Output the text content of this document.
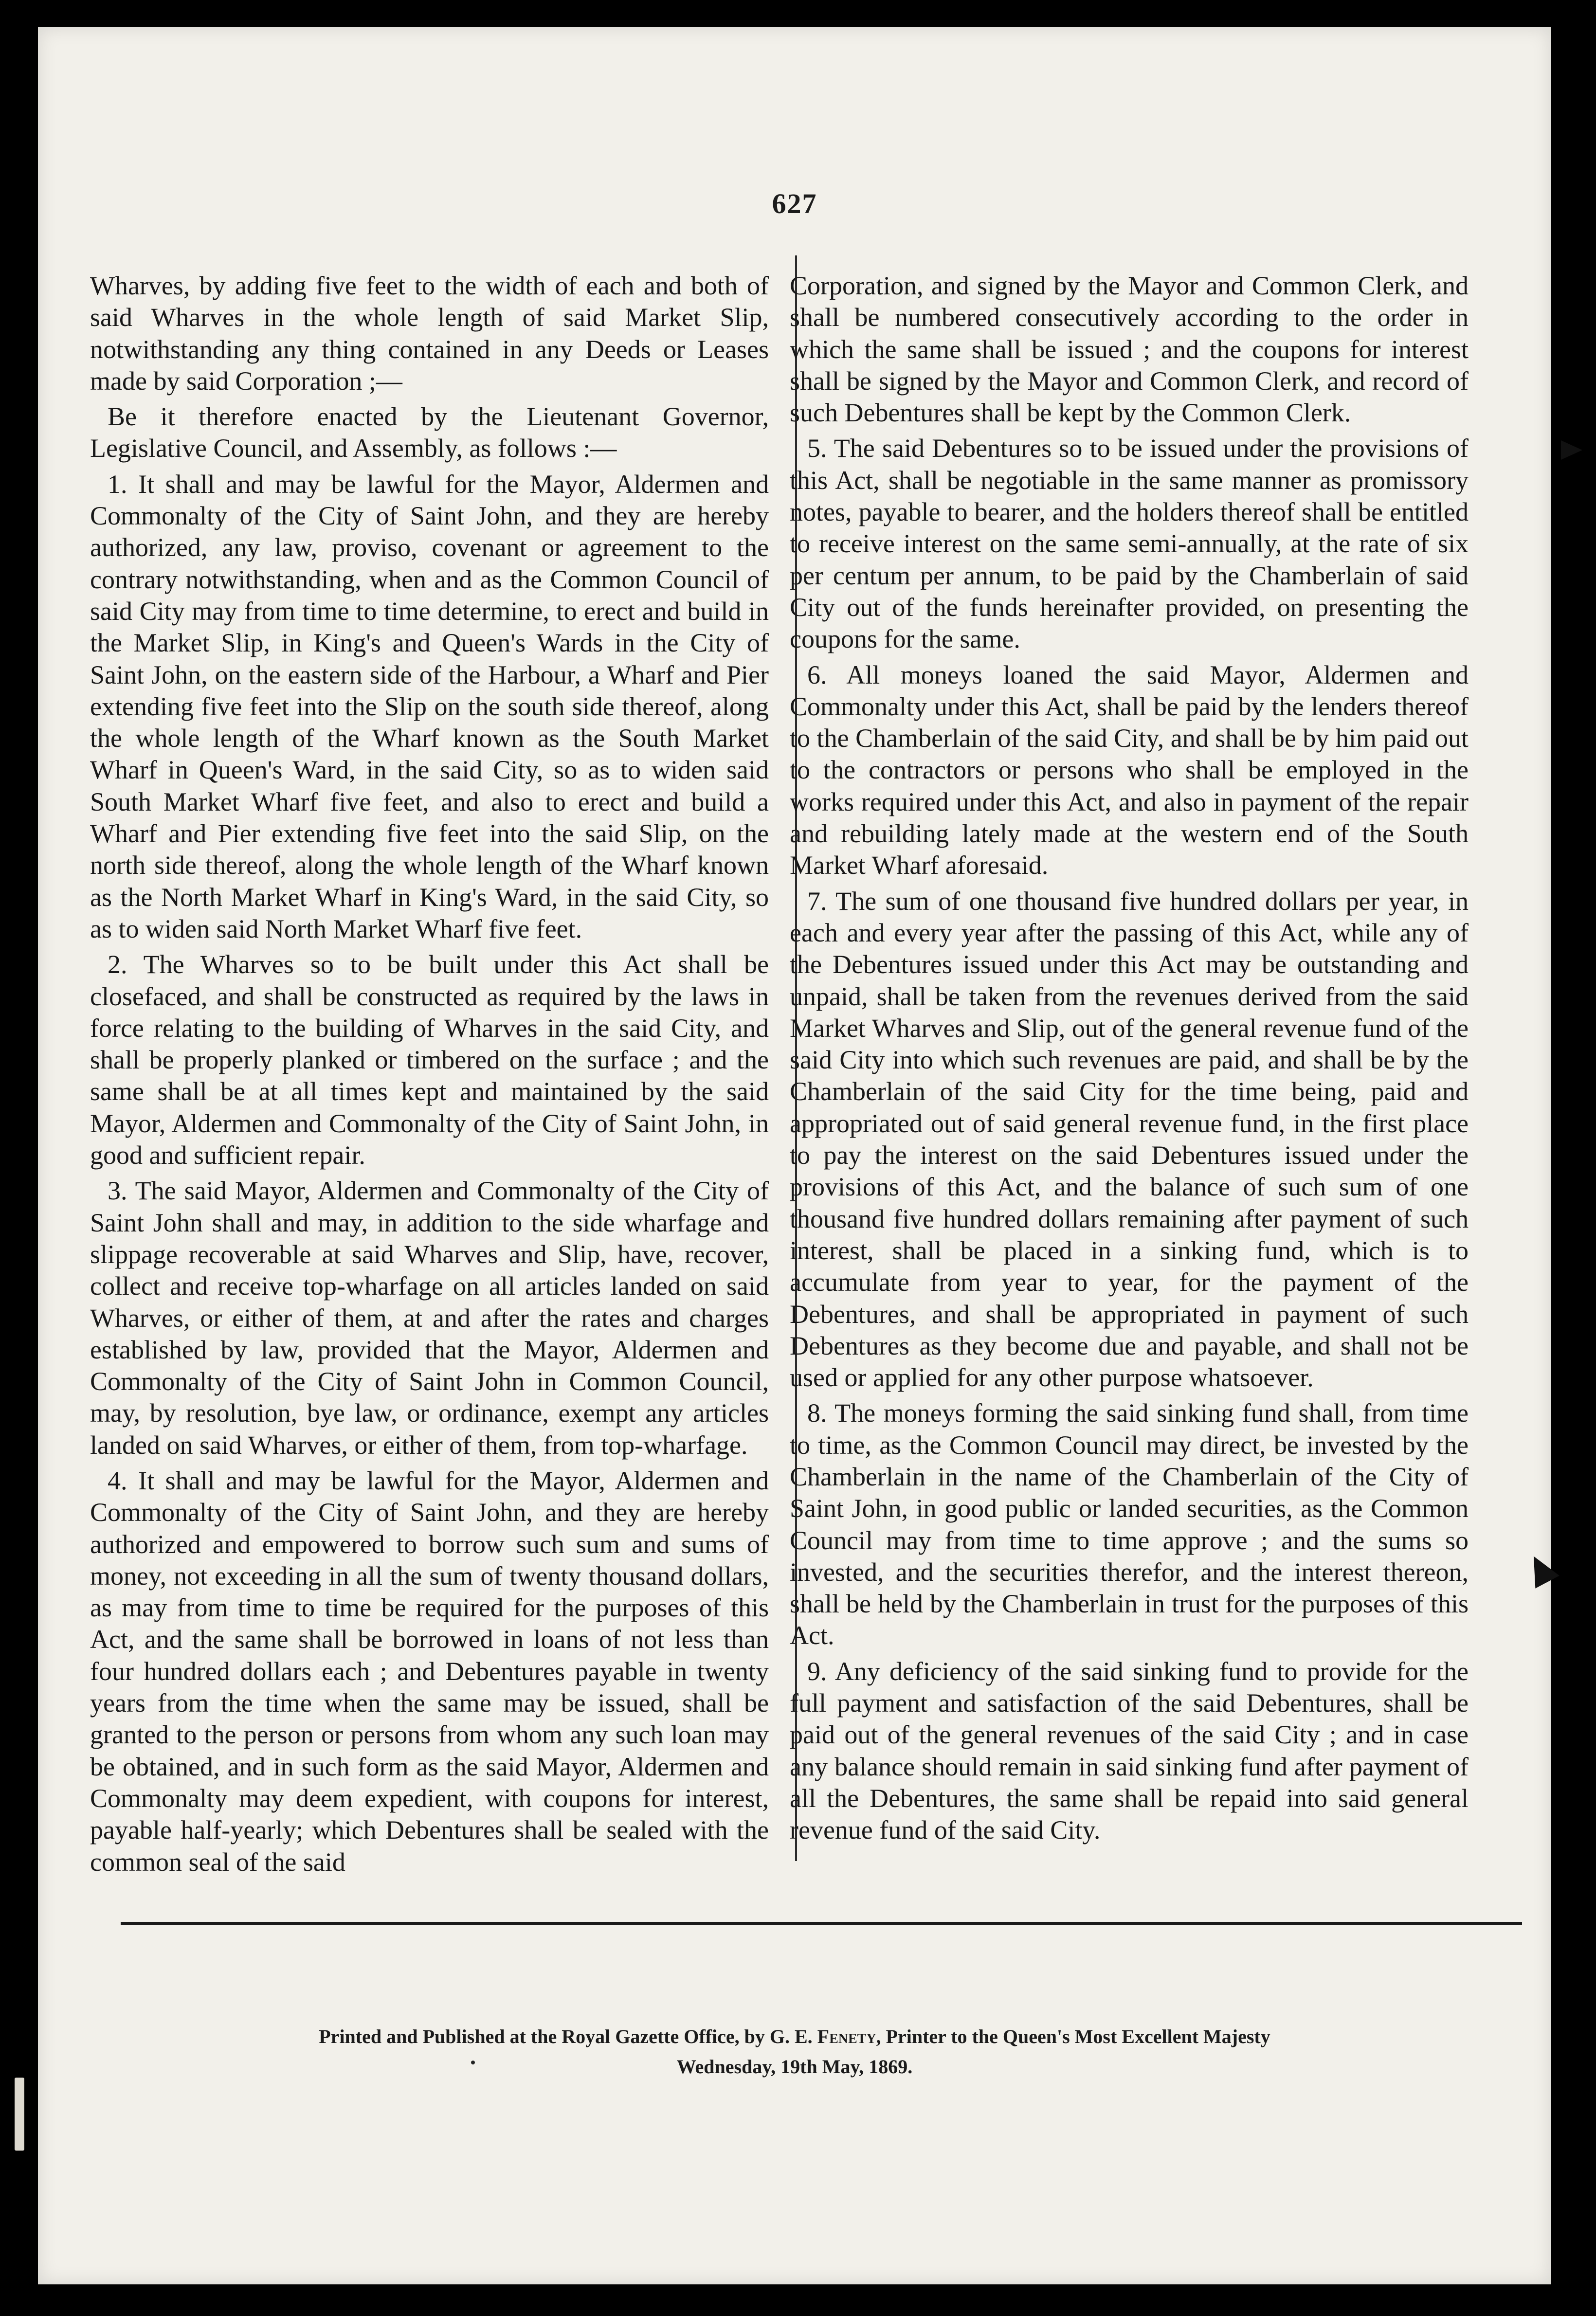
627

Wharves, by adding five feet to the width of each and both of said Wharves in the whole length of said Market Slip, notwithstanding any thing contained in any Deeds or Leases made by said Corporation ;—

Be it therefore enacted by the Lieutenant Governor, Legislative Council, and Assembly, as follows :—

1. It shall and may be lawful for the Mayor, Aldermen and Commonalty of the City of Saint John, and they are hereby authorized, any law, proviso, covenant or agreement to the contrary notwithstanding, when and as the Common Council of said City may from time to time determine, to erect and build in the Market Slip, in King's and Queen's Wards in the City of Saint John, on the eastern side of the Harbour, a Wharf and Pier extending five feet into the Slip on the south side thereof, along the whole length of the Wharf known as the South Market Wharf in Queen's Ward, in the said City, so as to widen said South Market Wharf five feet, and also to erect and build a Wharf and Pier extending five feet into the said Slip, on the north side thereof, along the whole length of the Wharf known as the North Market Wharf in King's Ward, in the said City, so as to widen said North Market Wharf five feet.

2. The Wharves so to be built under this Act shall be closefaced, and shall be constructed as required by the laws in force relating to the building of Wharves in the said City, and shall be properly planked or timbered on the surface ; and the same shall be at all times kept and maintained by the said Mayor, Aldermen and Commonalty of the City of Saint John, in good and sufficient repair.

3. The said Mayor, Aldermen and Commonalty of the City of Saint John shall and may, in addition to the side wharfage and slippage recoverable at said Wharves and Slip, have, recover, collect and receive top-wharfage on all articles landed on said Wharves, or either of them, at and after the rates and charges established by law, provided that the Mayor, Aldermen and Commonalty of the City of Saint John in Common Council, may, by resolution, bye law, or ordinance, exempt any articles landed on said Wharves, or either of them, from top-wharfage.

4. It shall and may be lawful for the Mayor, Aldermen and Commonalty of the City of Saint John, and they are hereby authorized and empowered to borrow such sum and sums of money, not exceeding in all the sum of twenty thousand dollars, as may from time to time be required for the purposes of this Act, and the same shall be borrowed in loans of not less than four hundred dollars each ; and Debentures payable in twenty years from the time when the same may be issued, shall be granted to the person or persons from whom any such loan may be obtained, and in such form as the said Mayor, Aldermen and Commonalty may deem expedient, with coupons for interest, payable half-yearly; which Debentures shall be sealed with the common seal of the said

Corporation, and signed by the Mayor and Common Clerk, and shall be numbered consecutively according to the order in which the same shall be issued ; and the coupons for interest shall be signed by the Mayor and Common Clerk, and record of such Debentures shall be kept by the Common Clerk.

5. The said Debentures so to be issued under the provisions of this Act, shall be negotiable in the same manner as promissory notes, payable to bearer, and the holders thereof shall be entitled to receive interest on the same semi-annually, at the rate of six per centum per annum, to be paid by the Chamberlain of said City out of the funds hereinafter provided, on presenting the coupons for the same.

6. All moneys loaned the said Mayor, Aldermen and Commonalty under this Act, shall be paid by the lenders thereof to the Chamberlain of the said City, and shall be by him paid out to the contractors or persons who shall be employed in the works required under this Act, and also in payment of the repair and rebuilding lately made at the western end of the South Market Wharf aforesaid.

7. The sum of one thousand five hundred dollars per year, in each and every year after the passing of this Act, while any of the Debentures issued under this Act may be outstanding and unpaid, shall be taken from the revenues derived from the said Market Wharves and Slip, out of the general revenue fund of the said City into which such revenues are paid, and shall be by the Chamberlain of the said City for the time being, paid and appropriated out of said general revenue fund, in the first place to pay the interest on the said Debentures issued under the provisions of this Act, and the balance of such sum of one thousand five hundred dollars remaining after payment of such interest, shall be placed in a sinking fund, which is to accumulate from year to year, for the payment of the Debentures, and shall be appropriated in payment of such Debentures as they become due and payable, and shall not be used or applied for any other purpose whatsoever.

8. The moneys forming the said sinking fund shall, from time to time, as the Common Council may direct, be invested by the Chamberlain in the name of the Chamberlain of the City of Saint John, in good public or landed securities, as the Common Council may from time to time approve ; and the sums so invested, and the securities therefor, and the interest thereon, shall be held by the Chamberlain in trust for the purposes of this Act.

9. Any deficiency of the said sinking fund to provide for the full payment and satisfaction of the said Debentures, shall be paid out of the general revenues of the said City ; and in case any balance should remain in said sinking fund after payment of all the Debentures, the same shall be repaid into said general revenue fund of the said City.

Printed and Published at the Royal Gazette Office, by G. E. Fenety, Printer to the Queen's Most Excellent Majesty
Wednesday, 19th May, 1869.
